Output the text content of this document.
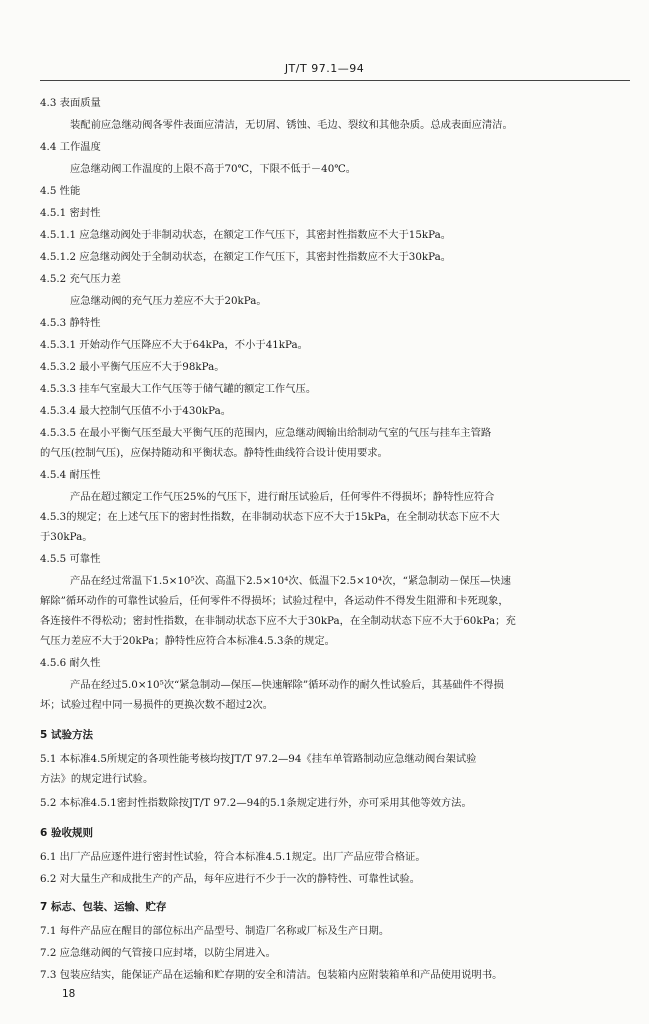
JT/T 97.1—94
4.3 表面质量
装配前应急继动阀各零件表面应清洁，无切屑、锈蚀、毛边、裂纹和其他杂质。总成表面应清洁。
4.4 工作温度
应急继动阀工作温度的上限不高于70℃，下限不低于－40℃。
4.5 性能
4.5.1 密封性
4.5.1.1 应急继动阀处于非制动状态，在额定工作气压下，其密封性指数应不大于15kPa。
4.5.1.2 应急继动阀处于全制动状态，在额定工作气压下，其密封性指数应不大于30kPa。
4.5.2 充气压力差
应急继动阀的充气压力差应不大于20kPa。
4.5.3 静特性
4.5.3.1 开始动作气压降应不大于64kPa，不小于41kPa。
4.5.3.2 最小平衡气压应不大于98kPa。
4.5.3.3 挂车气室最大工作气压等于储气罐的额定工作气压。
4.5.3.4 最大控制气压值不小于430kPa。
4.5.3.5 在最小平衡气压至最大平衡气压的范围内，应急继动阀输出给制动气室的气压与挂车主管路
的气压(控制气压)，应保持随动和平衡状态。静特性曲线符合设计使用要求。
4.5.4 耐压性
产品在超过额定工作气压25%的气压下，进行耐压试验后，任何零件不得损坏；静特性应符合
4.5.3的规定；在上述气压下的密封性指数，在非制动状态下应不大于15kPa，在全制动状态下应不大
于30kPa。
4.5.5 可靠性
产品在经过常温下1.5×10⁵次、高温下2.5×10⁴次、低温下2.5×10⁴次，“紧急制动－保压—快速
解除”循环动作的可靠性试验后，任何零件不得损坏；试验过程中，各运动件不得发生阻滞和卡死现象，
各连接件不得松动；密封性指数，在非制动状态下应不大于30kPa，在全制动状态下应不大于60kPa；充
气压力差应不大于20kPa；静特性应符合本标准4.5.3条的规定。
4.5.6 耐久性
产品在经过5.0×10⁵次“紧急制动—保压—快速解除”循环动作的耐久性试验后，其基础件不得损
坏；试验过程中同一易损件的更换次数不超过2次。
5 试验方法
5.1 本标准4.5所规定的各项性能考核均按JT/T 97.2—94《挂车单管路制动应急继动阀台架试验
方法》的规定进行试验。
5.2 本标准4.5.1密封性指数除按JT/T 97.2—94的5.1条规定进行外，亦可采用其他等效方法。
6 验收规则
6.1 出厂产品应逐件进行密封性试验，符合本标准4.5.1规定。出厂产品应带合格证。
6.2 对大量生产和成批生产的产品，每年应进行不少于一次的静特性、可靠性试验。
7 标志、包装、运输、贮存
7.1 每件产品应在醒目的部位标出产品型号、制造厂名称或厂标及生产日期。
7.2 应急继动阀的气管接口应封堵，以防尘屑进入。
7.3 包装应结实，能保证产品在运输和贮存期的安全和清洁。包装箱内应附装箱单和产品使用说明书。
18
